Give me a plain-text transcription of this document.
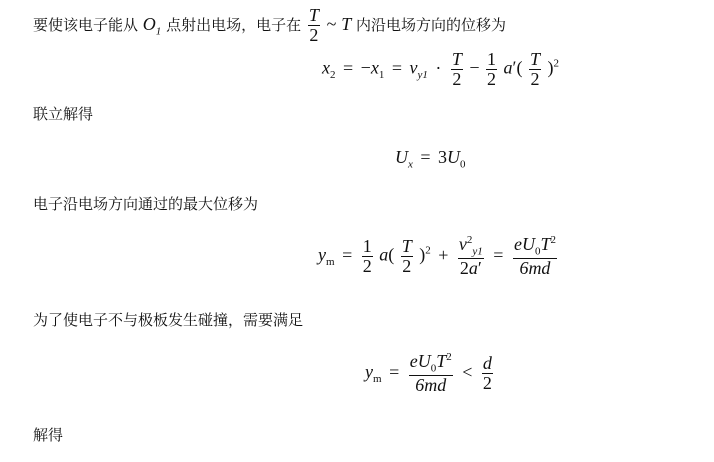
要使该电子能从 $O_1$ 点射出电场，电子在 $\frac{T}{2}$ ~ T 内沿电场方向的位移为
$x_2 = -x_1 = v_{y1} \cdot \frac{T}{2} - \frac{1}{2} a'( \frac{T}{2} )^2$
联立解得
$U_x = 3U_0$
电子沿电场方向通过的最大位移为
$y_m = \frac{1}{2} a( \frac{T}{2} )^2 + \frac{v^2_{y1}}{2a'} = \frac{eU_0T^2}{6md}$
为了使电子不与极板发生碰撞，需要满足
$y_m = \frac{eU_0T^2}{6md} < \frac{d}{2}$
解得
